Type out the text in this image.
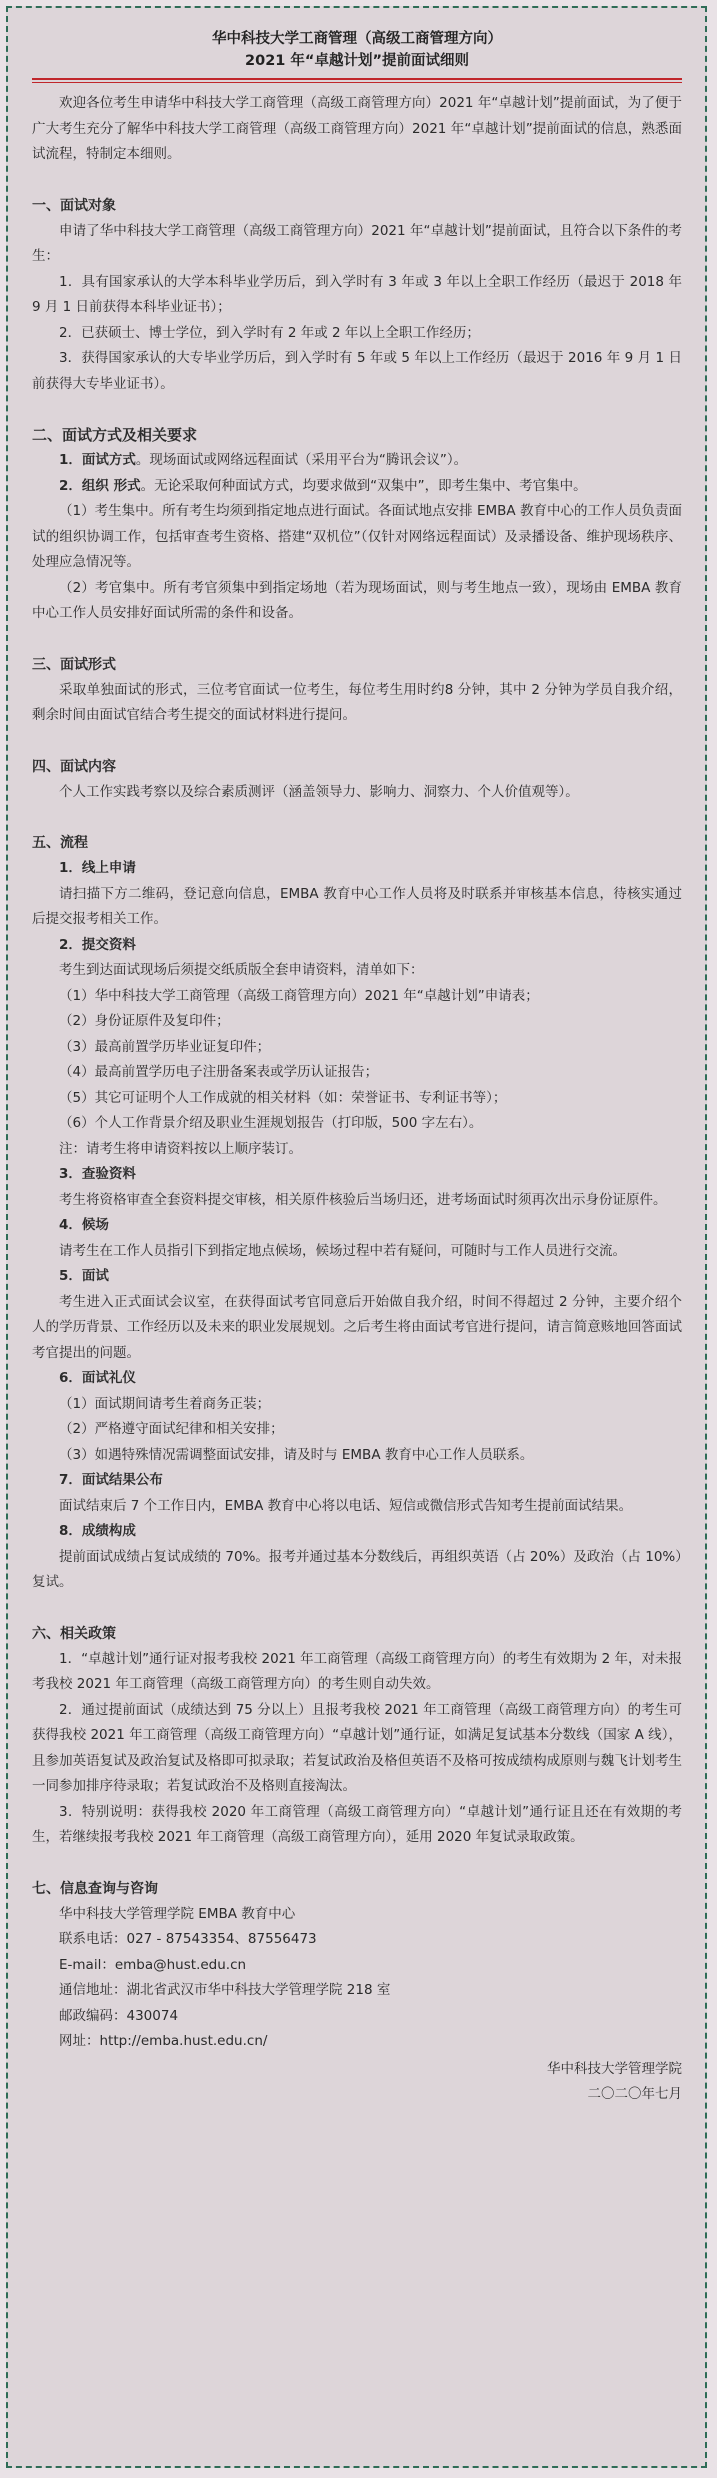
华中科技大学工商管理（高级工商管理方向）

2021 年“卓越计划”提前面试细则

欢迎各位考生申请华中科技大学工商管理（高级工商管理方向）2021 年“卓越计划”提前面试，为了便于广大考生充分了解华中科技大学工商管理（高级工商管理方向）2021 年“卓越计划”提前面试的信息，熟悉面试流程，特制定本细则。

一、面试对象

申请了华中科技大学工商管理（高级工商管理方向）2021 年“卓越计划”提前面试，且符合以下条件的考生：

1．具有国家承认的大学本科毕业学历后，到入学时有 3 年或 3 年以上全职工作经历（最迟于 2018 年 9 月 1 日前获得本科毕业证书）；

2．已获硕士、博士学位，到入学时有 2 年或 2 年以上全职工作经历；

3．获得国家承认的大专毕业学历后，到入学时有 5 年或 5 年以上工作经历（最迟于 2016 年 9 月 1 日前获得大专毕业证书）。

二、面试方式及相关要求

1．面试方式。现场面试或网络远程面试（采用平台为“腾讯会议”）。

2．组织 形式。无论采取何种面试方式，均要求做到“双集中”，即考生集中、考官集中。

（1）考生集中。所有考生均须到指定地点进行面试。各面试地点安排 EMBA 教育中心的工作人员负责面试的组织协调工作，包括审查考生资格、搭建“双机位”（仅针对网络远程面试）及录播设备、维护现场秩序、处理应急情况等。

（2）考官集中。所有考官须集中到指定场地（若为现场面试，则与考生地点一致），现场由 EMBA 教育中心工作人员安排好面试所需的条件和设备。

三、面试形式

采取单独面试的形式，三位考官面试一位考生，每位考生用时约8 分钟，其中 2 分钟为学员自我介绍，剩余时间由面试官结合考生提交的面试材料进行提问。

四、面试内容

个人工作实践考察以及综合素质测评（涵盖领导力、影响力、洞察力、个人价值观等）。

五、流程

1．线上申请

请扫描下方二维码，登记意向信息，EMBA 教育中心工作人员将及时联系并审核基本信息，待核实通过后提交报考相关工作。

2．提交资料

考生到达面试现场后须提交纸质版全套申请资料，清单如下：

（1）华中科技大学工商管理（高级工商管理方向）2021 年“卓越计划”申请表；

（2）身份证原件及复印件；

（3）最高前置学历毕业证复印件；

（4）最高前置学历电子注册备案表或学历认证报告；

（5）其它可证明个人工作成就的相关材料（如：荣誉证书、专利证书等）；

（6）个人工作背景介绍及职业生涯规划报告（打印版，500 字左右）。

注：请考生将申请资料按以上顺序装订。

3．查验资料

考生将资格审查全套资料提交审核，相关原件核验后当场归还，进考场面试时须再次出示身份证原件。

4．候场

请考生在工作人员指引下到指定地点候场，候场过程中若有疑问，可随时与工作人员进行交流。

5．面试

考生进入正式面试会议室，在获得面试考官同意后开始做自我介绍，时间不得超过 2 分钟，主要介绍个人的学历背景、工作经历以及未来的职业发展规划。之后考生将由面试考官进行提问，请言简意赅地回答面试考官提出的问题。

6．面试礼仪

（1）面试期间请考生着商务正装；

（2）严格遵守面试纪律和相关安排；

（3）如遇特殊情况需调整面试安排，请及时与 EMBA 教育中心工作人员联系。

7．面试结果公布

面试结束后 7 个工作日内，EMBA 教育中心将以电话、短信或微信形式告知考生提前面试结果。

8．成绩构成

提前面试成绩占复试成绩的 70%。报考并通过基本分数线后，再组织英语（占 20%）及政治（占 10%）复试。

六、相关政策

1．“卓越计划”通行证对报考我校 2021 年工商管理（高级工商管理方向）的考生有效期为 2 年，对未报考我校 2021 年工商管理（高级工商管理方向）的考生则自动失效。

2．通过提前面试（成绩达到 75 分以上）且报考我校 2021 年工商管理（高级工商管理方向）的考生可获得我校 2021 年工商管理（高级工商管理方向）“卓越计划”通行证，如满足复试基本分数线（国家 A 线），且参加英语复试及政治复试及格即可拟录取；若复试政治及格但英语不及格可按成绩构成原则与魏飞计划考生一同参加排序待录取；若复试政治不及格则直接淘汰。

3．特别说明：获得我校 2020 年工商管理（高级工商管理方向）“卓越计划”通行证且还在有效期的考生，若继续报考我校 2021 年工商管理（高级工商管理方向），延用 2020 年复试录取政策。

七、信息查询与咨询

华中科技大学管理学院 EMBA 教育中心

联系电话：027 - 87543354、87556473

E-mail：emba@hust.edu.cn

通信地址：湖北省武汉市华中科技大学管理学院 218 室

邮政编码：430074

网址：http://emba.hust.edu.cn/

华中科技大学管理学院

二〇二〇年七月
